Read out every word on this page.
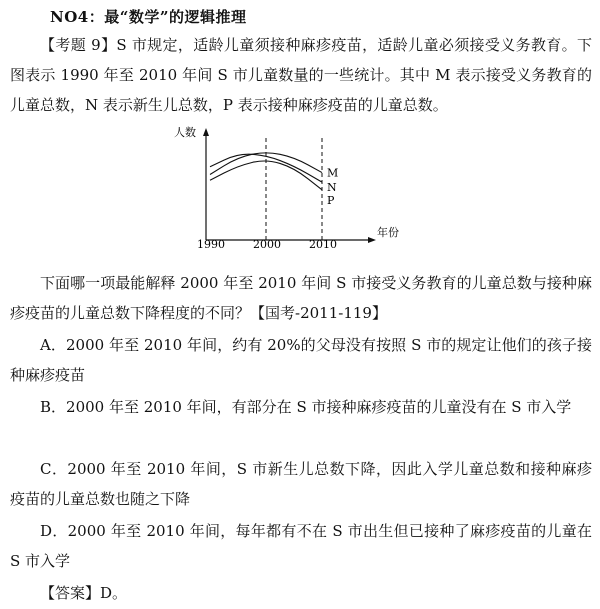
NO4：最“数学”的逻辑推理
【考题 9】S 市规定，适龄儿童须接种麻疹疫苗，适龄儿童必须接受义务教育。下图表示 1990 年至 2010 年间 S 市儿童数量的一些统计。其中 M 表示接受义务教育的儿童总数，N 表示新生儿总数，P 表示接种麻疹疫苗的儿童总数。
人数
年份
1990	2000	2010
M
N
P
下面哪一项最能解释 2000 年至 2010 年间 S 市接受义务教育的儿童总数与接种麻疹疫苗的儿童总数下降程度的不同？【国考-2011-119】
A．2000 年至 2010 年间，约有 20%的父母没有按照 S 市的规定让他们的孩子接种麻疹疫苗
B．2000 年至 2010 年间，有部分在 S 市接种麻疹疫苗的儿童没有在 S 市入学
C．2000 年至 2010 年间，S 市新生儿总数下降，因此入学儿童总数和接种麻疹疫苗的儿童总数也随之下降
D．2000 年至 2010 年间，每年都有不在 S 市出生但已接种了麻疹疫苗的儿童在 S 市入学
【答案】D。
